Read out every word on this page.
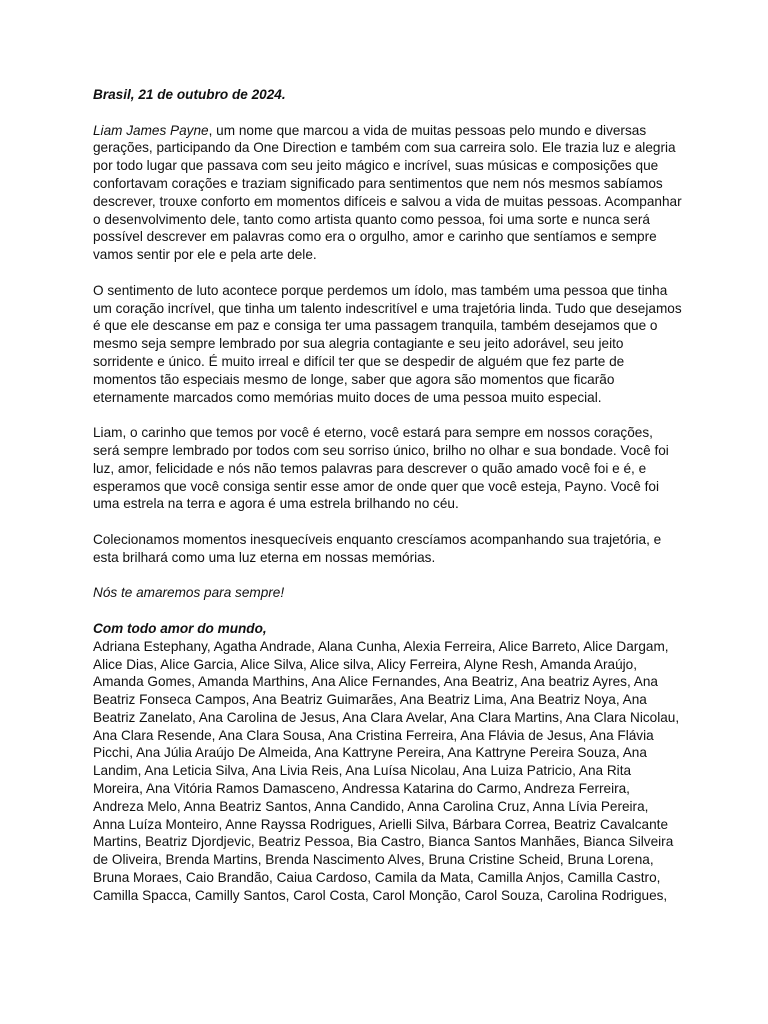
Brasil, 21 de outubro de 2024.

Liam James Payne, um nome que marcou a vida de muitas pessoas pelo mundo e diversas gerações, participando da One Direction e também com sua carreira solo. Ele trazia luz e alegria por todo lugar que passava com seu jeito mágico e incrível, suas músicas e composições que confortavam corações e traziam significado para sentimentos que nem nós mesmos sabíamos descrever, trouxe conforto em momentos difíceis e salvou a vida de muitas pessoas. Acompanhar o desenvolvimento dele, tanto como artista quanto como pessoa, foi uma sorte e nunca será possível descrever em palavras como era o orgulho, amor e carinho que sentíamos e sempre vamos sentir por ele e pela arte dele.

O sentimento de luto acontece porque perdemos um ídolo, mas também uma pessoa que tinha um coração incrível, que tinha um talento indescritível e uma trajetória linda. Tudo que desejamos é que ele descanse em paz e consiga ter uma passagem tranquila, também desejamos que o mesmo seja sempre lembrado por sua alegria contagiante e seu jeito adorável, seu jeito sorridente e único. É muito irreal e difícil ter que se despedir de alguém que fez parte de momentos tão especiais mesmo de longe, saber que agora são momentos que ficarão eternamente marcados como memórias muito doces de uma pessoa muito especial.

Liam, o carinho que temos por você é eterno, você estará para sempre em nossos corações, será sempre lembrado por todos com seu sorriso único, brilho no olhar e sua bondade. Você foi luz, amor, felicidade e nós não temos palavras para descrever o quão amado você foi e é, e esperamos que você consiga sentir esse amor de onde quer que você esteja, Payno. Você foi uma estrela na terra e agora é uma estrela brilhando no céu.

Colecionamos momentos inesquecíveis enquanto crescíamos acompanhando sua trajetória, e esta brilhará como uma luz eterna em nossas memórias.

Nós te amaremos para sempre!

Com todo amor do mundo,

Adriana Estephany, Agatha Andrade, Alana Cunha, Alexia Ferreira, Alice Barreto, Alice Dargam, Alice Dias, Alice Garcia, Alice Silva, Alice silva, Alicy Ferreira, Alyne Resh, Amanda Araújo, Amanda Gomes, Amanda Marthins, Ana Alice Fernandes, Ana Beatriz, Ana beatriz Ayres, Ana Beatriz Fonseca Campos, Ana Beatriz Guimarães, Ana Beatriz Lima, Ana Beatriz Noya, Ana Beatriz Zanelato, Ana Carolina de Jesus, Ana Clara Avelar, Ana Clara Martins, Ana Clara Nicolau, Ana Clara Resende, Ana Clara Sousa, Ana Cristina Ferreira, Ana Flávia de Jesus, Ana Flávia Picchi, Ana Júlia Araújo De Almeida, Ana Kattryne Pereira, Ana Kattryne Pereira Souza, Ana Landim, Ana Leticia Silva, Ana Livia Reis, Ana Luísa Nicolau, Ana Luiza Patricio, Ana Rita Moreira, Ana Vitória Ramos Damasceno, Andressa Katarina do Carmo, Andreza Ferreira, Andreza Melo, Anna Beatriz Santos, Anna Candido, Anna Carolina Cruz, Anna Lívia Pereira, Anna Luíza Monteiro, Anne Rayssa Rodrigues, Arielli Silva, Bárbara Correa, Beatriz Cavalcante Martins, Beatriz Djordjevic, Beatriz Pessoa, Bia Castro, Bianca Santos Manhães, Bianca Silveira de Oliveira, Brenda Martins, Brenda Nascimento Alves, Bruna Cristine Scheid, Bruna Lorena, Bruna Moraes, Caio Brandão, Caiua Cardoso, Camila da Mata, Camilla Anjos, Camilla Castro, Camilla Spacca, Camilly Santos, Carol Costa, Carol Monção, Carol Souza, Carolina Rodrigues,
